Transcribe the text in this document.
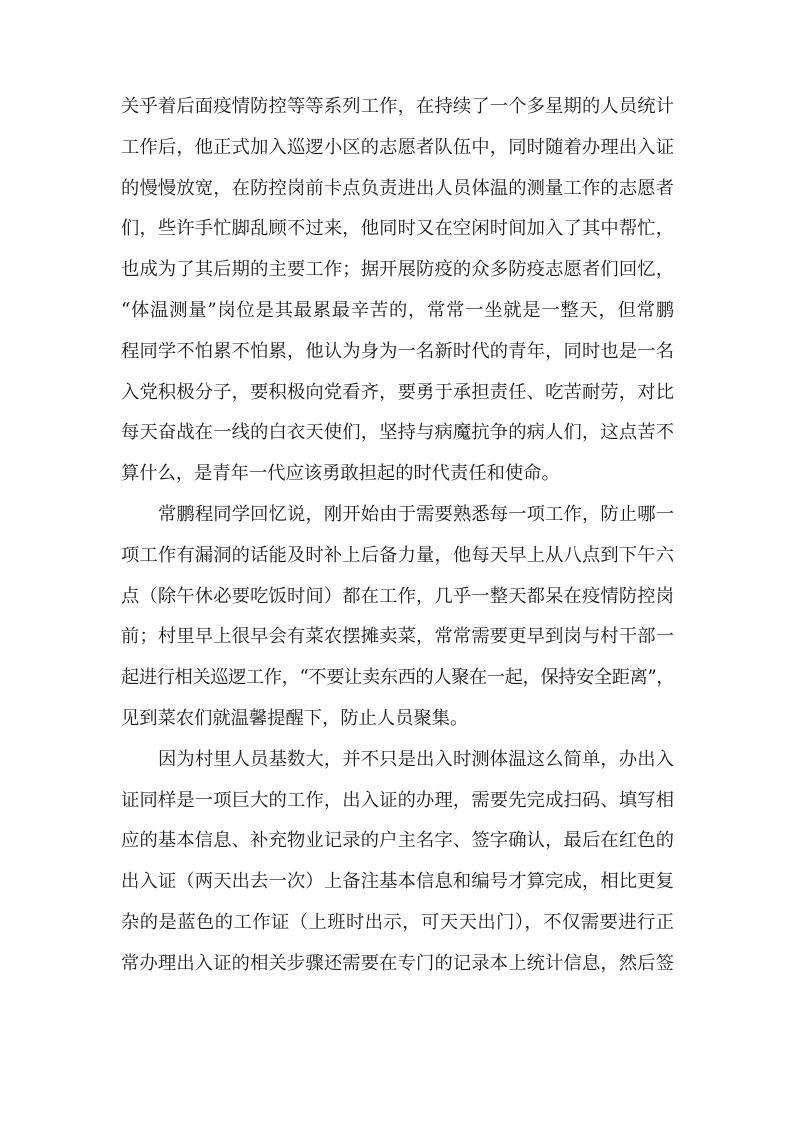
关乎着后面疫情防控等等系列工作，在持续了一个多星期的人员统计
工作后，他正式加入巡逻小区的志愿者队伍中，同时随着办理出入证
的慢慢放宽，在防控岗前卡点负责进出人员体温的测量工作的志愿者
们，些许手忙脚乱顾不过来，他同时又在空闲时间加入了其中帮忙，
也成为了其后期的主要工作；据开展防疫的众多防疫志愿者们回忆，
“体温测量”岗位是其最累最辛苦的，常常一坐就是一整天，但常鹏
程同学不怕累不怕累，他认为身为一名新时代的青年，同时也是一名
入党积极分子，要积极向党看齐，要勇于承担责任、吃苦耐劳，对比
每天奋战在一线的白衣天使们，坚持与病魔抗争的病人们，这点苦不
算什么，是青年一代应该勇敢担起的时代责任和使命。
常鹏程同学回忆说，刚开始由于需要熟悉每一项工作，防止哪一
项工作有漏洞的话能及时补上后备力量，他每天早上从八点到下午六
点（除午休必要吃饭时间）都在工作，几乎一整天都呆在疫情防控岗
前；村里早上很早会有菜农摆摊卖菜，常常需要更早到岗与村干部一
起进行相关巡逻工作，“不要让卖东西的人聚在一起，保持安全距离”，
见到菜农们就温馨提醒下，防止人员聚集。
因为村里人员基数大，并不只是出入时测体温这么简单，办出入
证同样是一项巨大的工作，出入证的办理，需要先完成扫码、填写相
应的基本信息、补充物业记录的户主名字、签字确认，最后在红色的
出入证（两天出去一次）上备注基本信息和编号才算完成，相比更复
杂的是蓝色的工作证（上班时出示，可天天出门），不仅需要进行正
常办理出入证的相关步骤还需要在专门的记录本上统计信息，然后签
